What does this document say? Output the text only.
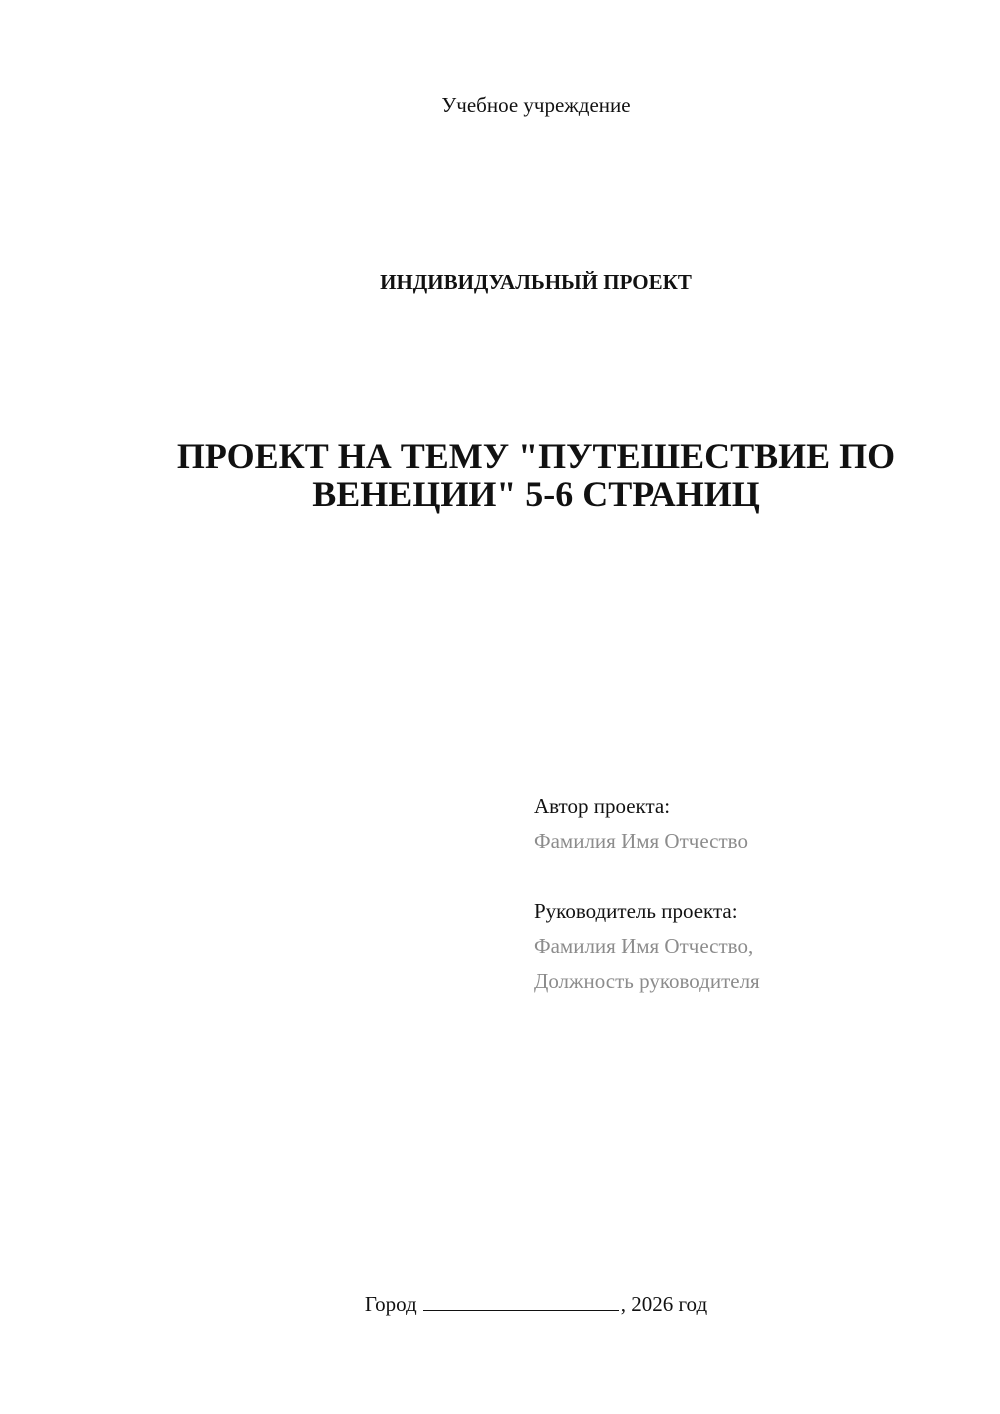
Учебное учреждение
ИНДИВИДУАЛЬНЫЙ ПРОЕКТ
ПРОЕКТ НА ТЕМУ "ПУТЕШЕСТВИЕ ПО
ВЕНЕЦИИ" 5-6 СТРАНИЦ
Автор проекта:
Фамилия Имя Отчество
Руководитель проекта:
Фамилия Имя Отчество,
Должность руководителя
Город	, 2026 год
